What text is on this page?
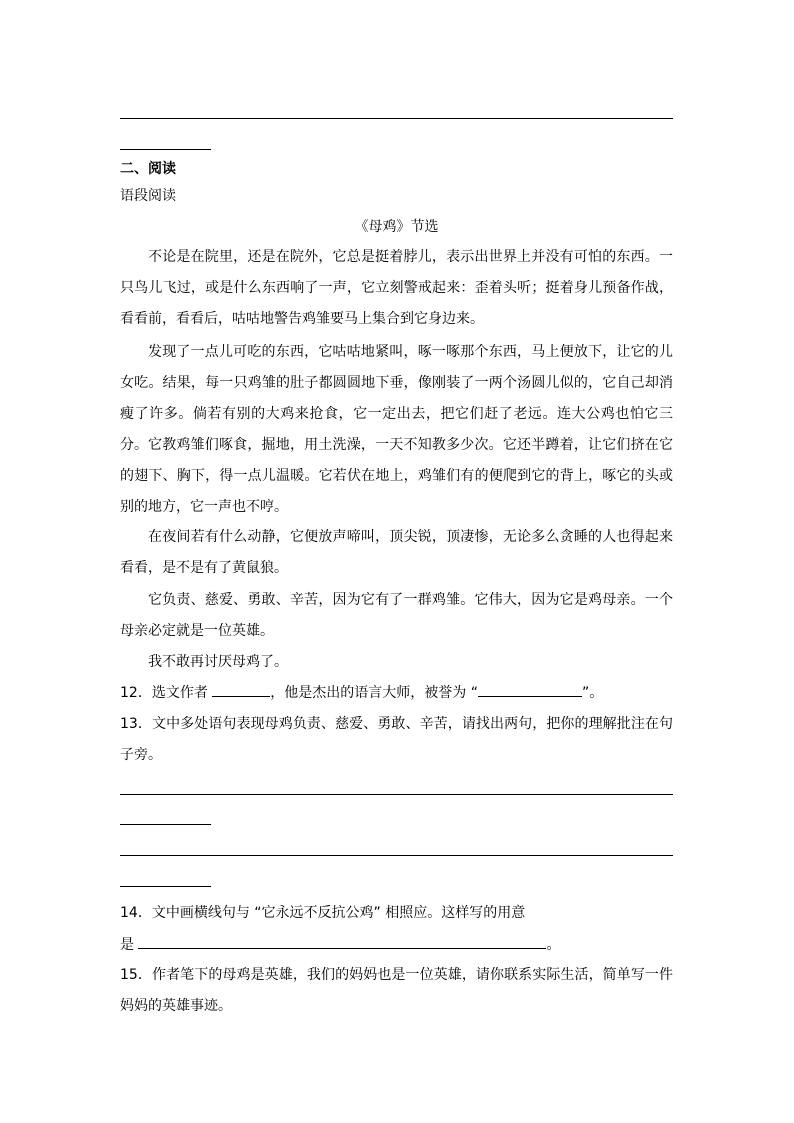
二、阅读
语段阅读
《母鸡》节选
不论是在院里，还是在院外，它总是挺着脖儿，表示出世界上并没有可怕的东西。一只鸟儿飞过，或是什么东西响了一声，它立刻警戒起来：歪着头听；挺着身儿预备作战，看看前，看看后，咕咕地警告鸡雏要马上集合到它身边来。
发现了一点儿可吃的东西，它咕咕地紧叫，啄一啄那个东西，马上便放下，让它的儿女吃。结果，每一只鸡雏的肚子都圆圆地下垂，像刚装了一两个汤圆儿似的，它自己却消瘦了许多。倘若有别的大鸡来抢食，它一定出去，把它们赶了老远。连大公鸡也怕它三分。 它教鸡雏们啄食，掘地，用土洗澡，一天不知教多少次。它还半蹲着，让它们挤在它的翅下、胸下，得一点儿温暖。它若伏在地上，鸡雏们有的便爬到它的背上，啄它的头或别的地方，它一声也不哼。
在夜间若有什么动静，它便放声啼叫，顶尖锐，顶凄惨，无论多么贪睡的人也得起来看看，是不是有了黄鼠狼。
它负责、慈爱、勇敢、辛苦，因为它有了一群鸡雏。它伟大，因为它是鸡母亲。一个母亲必定就是一位英雄。
我不敢再讨厌母鸡了。
12．选文作者	，他是杰出的语言大师，被誉为 “	”。
13．文中多处语句表现母鸡负责、慈爱、勇敢、辛苦，请找出两句，把你的理解批注在句子旁。
14．文中画横线句与 “它永远不反抗公鸡” 相照应。这样写的用意
是	。
15．作者笔下的母鸡是英雄，我们的妈妈也是一位英雄，请你联系实际生活，简单写一件妈妈的英雄事迹。
